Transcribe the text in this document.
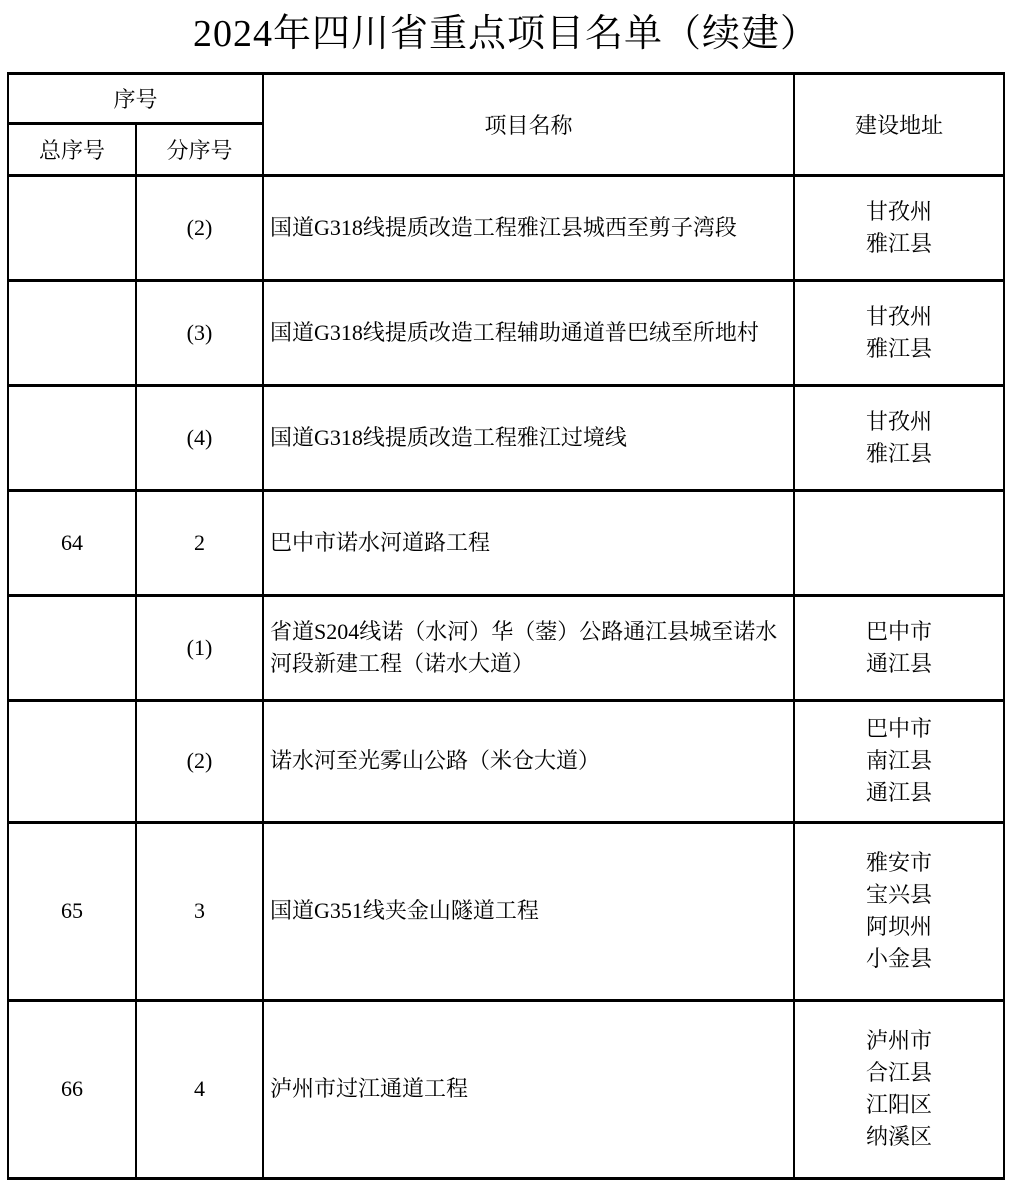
2024年四川省重点项目名单（续建）
序号		项目名称	建设地址
总序号	分序号		
	(2)	国道G318线提质改造工程雅江县城西至剪子湾段	甘孜州
雅江县

	(3)	国道G318线提质改造工程辅助通道普巴绒至所地村	甘孜州
雅江县

	(4)	国道G318线提质改造工程雅江过境线	甘孜州
雅江县

64	2	巴中市诺水河道路工程	
	(1)	省道S204线诺（水河）华（蓥）公路通江县城至诺水河段新建工程（诺水大道）	巴中市
通江县

	(2)	诺水河至光雾山公路（米仓大道）	巴中市
南江县
通江县

65	3	国道G351线夹金山隧道工程	雅安市
宝兴县
阿坝州
小金县

66	4	泸州市过江通道工程	泸州市
合江县
江阳区
纳溪区
